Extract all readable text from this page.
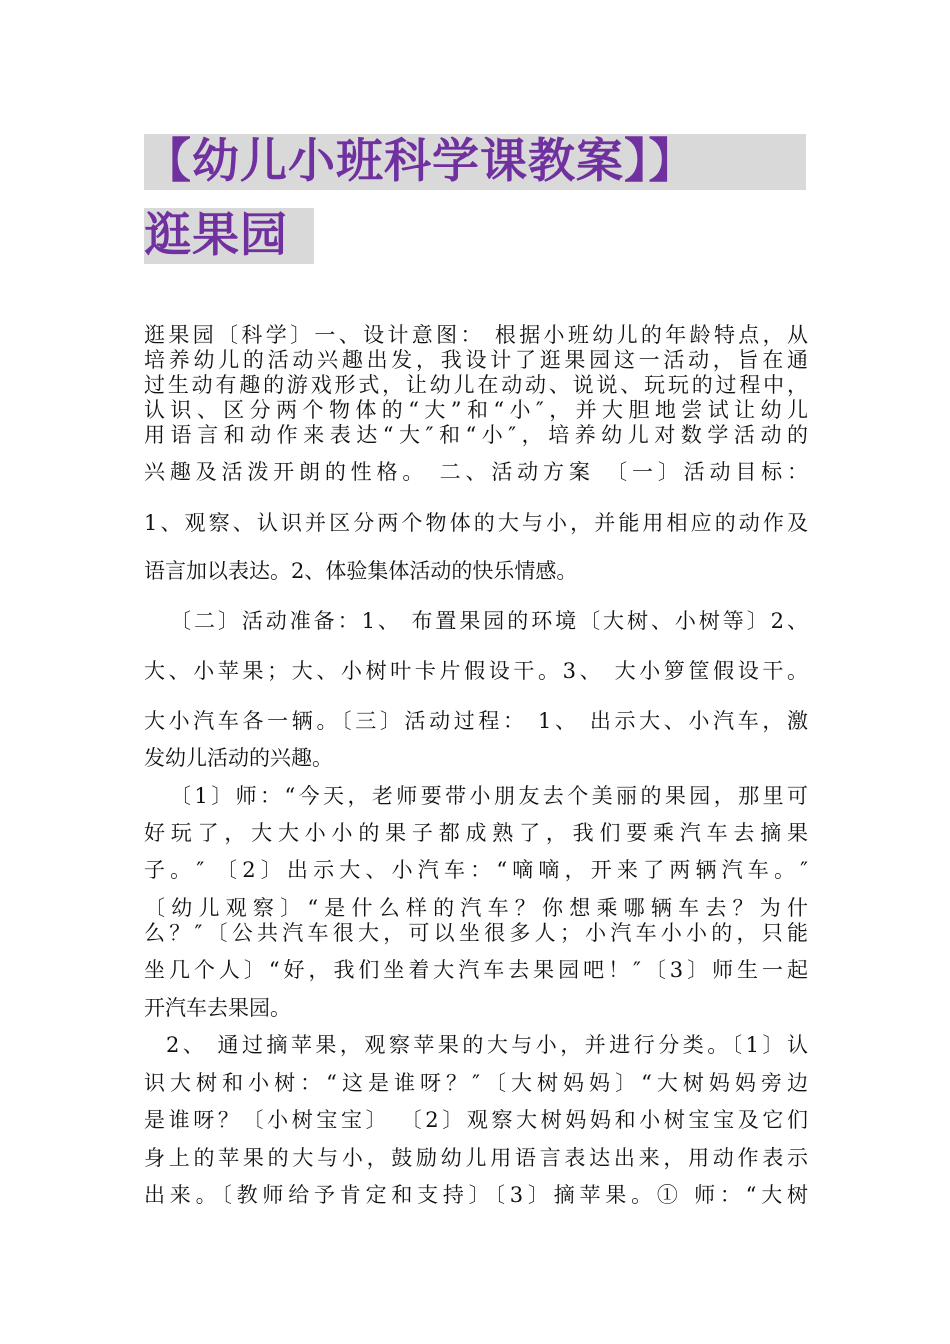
【幼儿小班科学课教案】】
逛果园
逛果园〔科学〕一、设计意图： 根据小班幼儿的年龄特点，从
培养幼儿的活动兴趣出发，我设计了逛果园这一活动，旨在通
过生动有趣的游戏形式，让幼儿在动动、说说、玩玩的过程中，
认识、区分两个物体的“大”和“小″，并大胆地尝试让幼儿
用语言和动作来表达“大″和“小″，培养幼儿对数学活动的
兴趣及活泼开朗的性格。 二、活动方案 〔一〕活动目标：
1、观察、认识并区分两个物体的大与小，并能用相应的动作及
语言加以表达。2、体验集体活动的快乐情感。
〔二〕活动准备：1、 布置果园的环境〔大树、小树等〕2、
大、小苹果；大、小树叶卡片假设干。3、 大小箩筐假设干。
大小汽车各一辆。〔三〕活动过程： 1、 出示大、小汽车，激
发幼儿活动的兴趣。
〔1〕师：“今天，老师要带小朋友去个美丽的果园，那里可
好玩了，大大小小的果子都成熟了，我们要乘汽车去摘果
子。″ 〔2〕出示大、小汽车：“嘀嘀，开来了两辆汽车。″
〔幼儿观察〕“是什么样的汽车？你想乘哪辆车去？为什
么？″〔公共汽车很大，可以坐很多人；小汽车小小的，只能
坐几个人〕“好，我们坐着大汽车去果园吧！″〔3〕师生一起
开汽车去果园。
2、 通过摘苹果，观察苹果的大与小，并进行分类。〔1〕认
识大树和小树：“这是谁呀？″〔大树妈妈〕“大树妈妈旁边
是谁呀？〔小树宝宝〕 〔2〕观察大树妈妈和小树宝宝及它们
身上的苹果的大与小，鼓励幼儿用语言表达出来，用动作表示
出来。〔教师给予肯定和支持〕〔3〕摘苹果。① 师：“大树
